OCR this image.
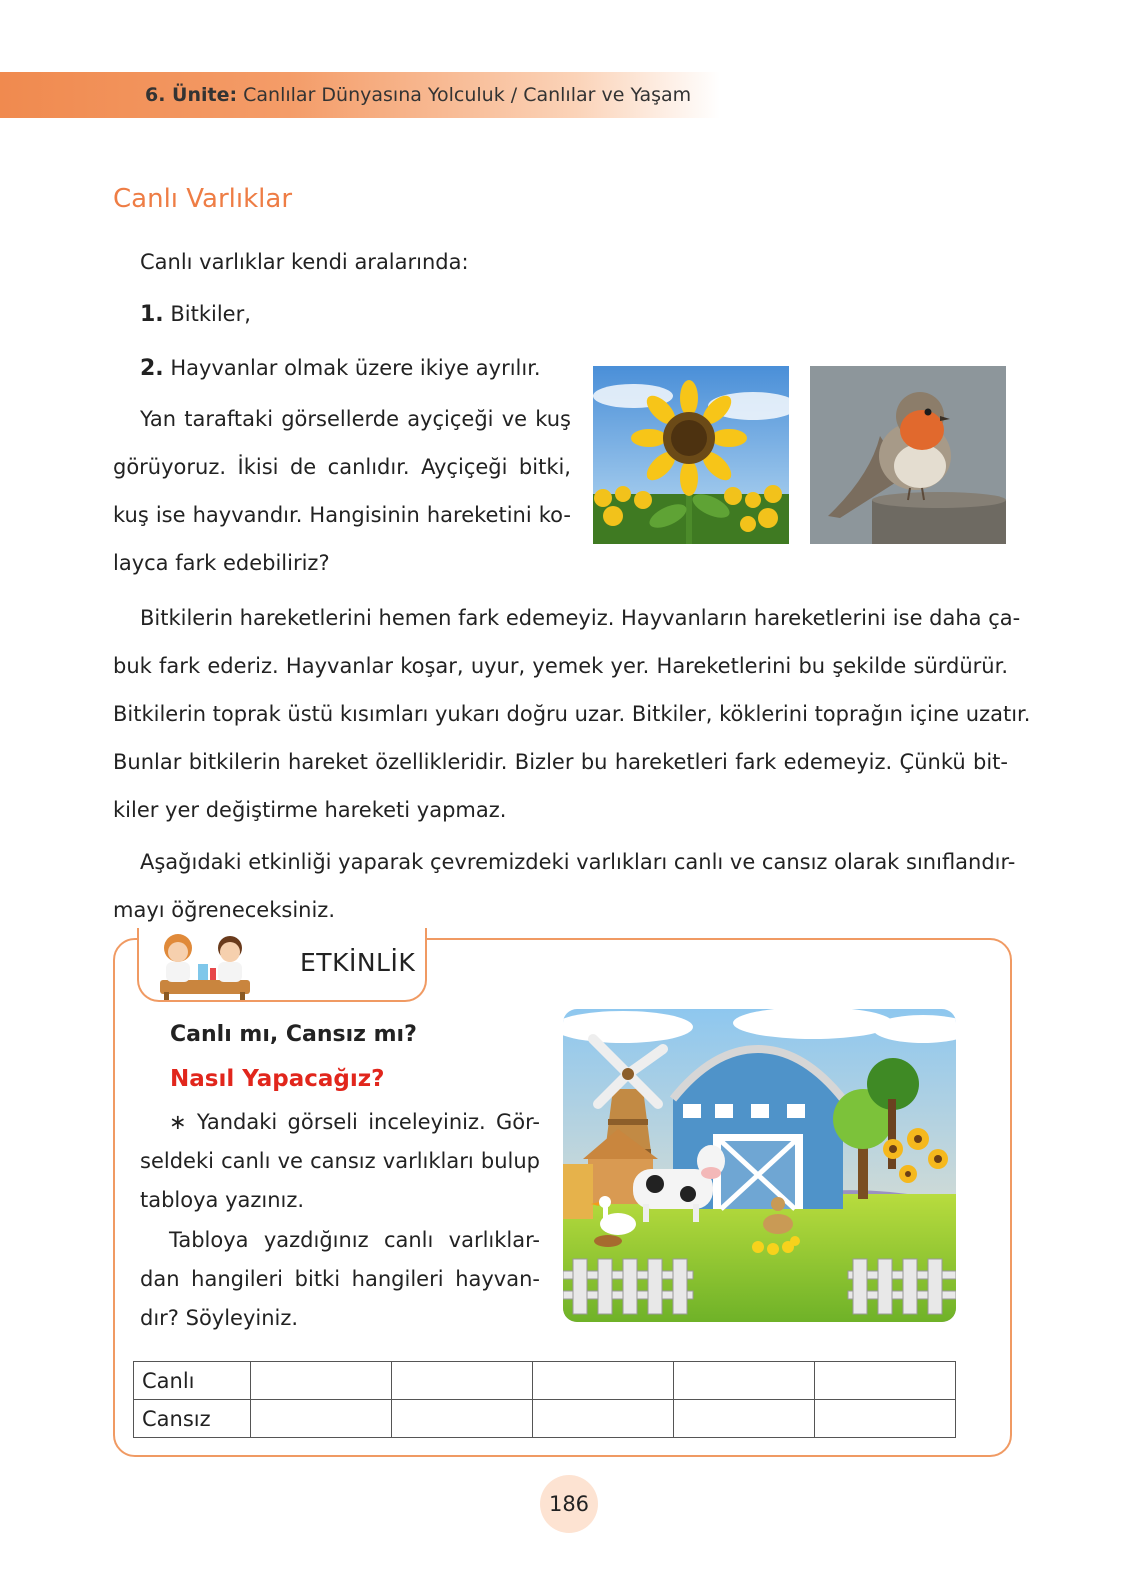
6. Ünite: Canlılar Dünyasına Yolculuk / Canlılar ve Yaşam
Canlı Varlıklar
Canlı varlıklar kendi aralarında:
1. Bitkiler,
2. Hayvanlar olmak üzere ikiye ayrılır.
Yan taraftaki görsellerde ayçiçeği ve kuş
görüyoruz. İkisi de canlıdır. Ayçiçeği bitki,
kuş ise hayvandır. Hangisinin hareketini ko-
layca fark edebiliriz?
Bitkilerin hareketlerini hemen fark edemeyiz. Hayvanların hareketlerini ise daha ça-
buk fark ederiz. Hayvanlar koşar, uyur, yemek yer. Hareketlerini bu şekilde sürdürür.
Bitkilerin toprak üstü kısımları yukarı doğru uzar. Bitkiler, köklerini toprağın içine uzatır.
Bunlar bitkilerin hareket özellikleridir. Bizler bu hareketleri fark edemeyiz. Çünkü bit-
kiler yer değiştirme hareketi yapmaz.
Aşağıdaki etkinliği yaparak çevremizdeki varlıkları canlı ve cansız olarak sınıflandır-
mayı öğreneceksiniz.
ETKİNLİK
Canlı mı, Cansız mı?
Nasıl Yapacağız?
∗ Yandaki görseli inceleyiniz. Gör-
seldeki canlı ve cansız varlıkları bulup
tabloya yazınız.
Tabloya yazdığınız canlı varlıklar-
dan hangileri bitki hangileri hayvan-
dır? Söyleyiniz.
Canlı					
Cansız					
186
